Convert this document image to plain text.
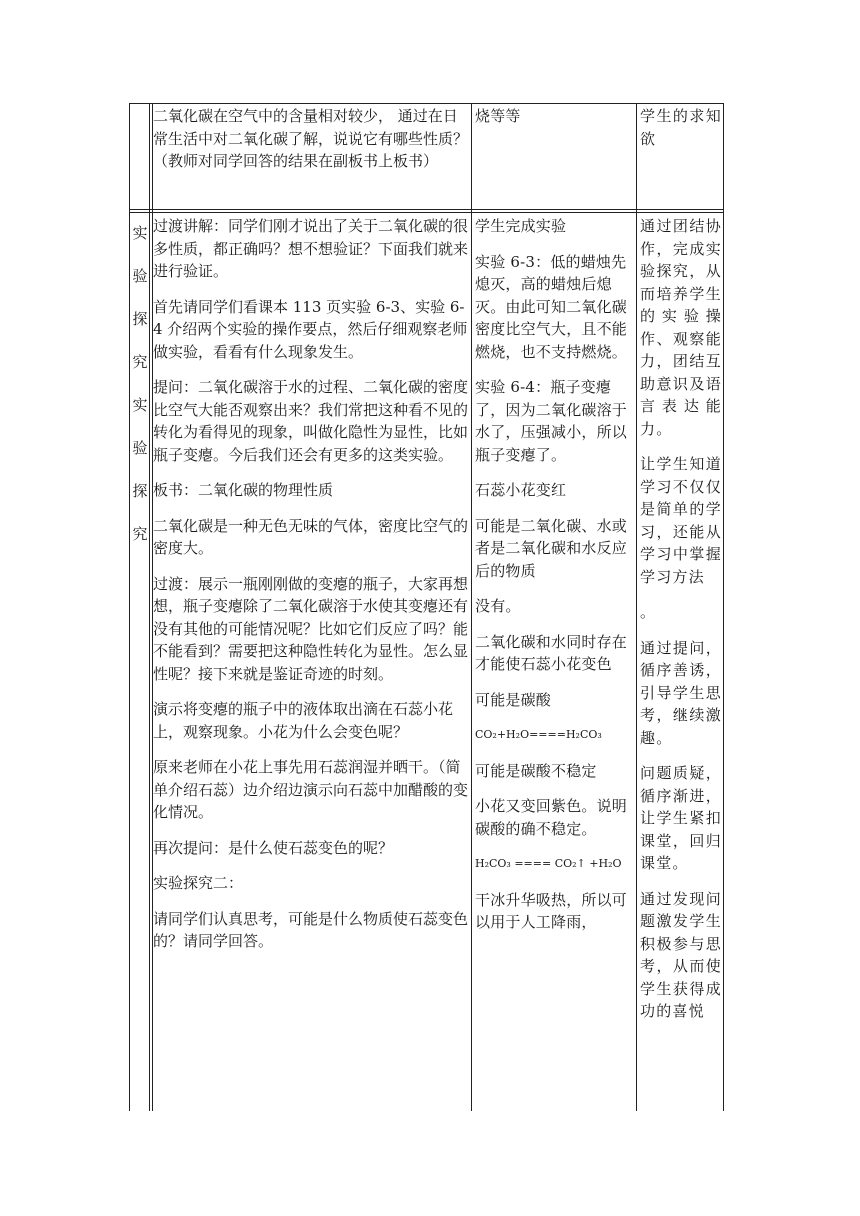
二氧化碳在空气中的含量相对较少， 通过在日常生活中对二氧化碳了解，说说它有哪些性质？（教师对同学回答的结果在副板书上板书）

烧等等	学生的求知欲

实
验
探
究
实
验
探
究

过渡讲解：同学们刚才说出了关于二氧化碳的很多性质，都正确吗？想不想验证？下面我们就来进行验证。

首先请同学们看课本 113 页实验 6-3、实验 6-4 介绍两个实验的操作要点，然后仔细观察老师做实验，看看有什么现象发生。

提问：二氧化碳溶于水的过程、二氧化碳的密度比空气大能否观察出来？我们常把这种看不见的转化为看得见的现象，叫做化隐性为显性，比如瓶子变瘪。今后我们还会有更多的这类实验。

板书：二氧化碳的物理性质

二氧化碳是一种无色无味的气体，密度比空气的密度大。

过渡：展示一瓶刚刚做的变瘪的瓶子，大家再想想，瓶子变瘪除了二氧化碳溶于水使其变瘪还有没有其他的可能情况呢？比如它们反应了吗？能不能看到？需要把这种隐性转化为显性。怎么显性呢？接下来就是鉴证奇迹的时刻。

演示将变瘪的瓶子中的液体取出滴在石蕊小花上，观察现象。小花为什么会变色呢？

原来老师在小花上事先用石蕊润湿并晒干。（简单介绍石蕊）边介绍边演示向石蕊中加醋酸的变化情况。

再次提问：是什么使石蕊变色的呢？

实验探究二：

请同学们认真思考，可能是什么物质使石蕊变色的？请同学回答。

学生完成实验

实验 6-3：低的蜡烛先熄灭，高的蜡烛后熄灭。由此可知二氧化碳密度比空气大，且不能燃烧，也不支持燃烧。

实验 6-4：瓶子变瘪了，因为二氧化碳溶于水了，压强减小，所以瓶子变瘪了。

石蕊小花变红

可能是二氧化碳、水或者是二氧化碳和水反应后的物质

没有。

二氧化碳和水同时存在才能使石蕊小花变色

可能是碳酸

CO₂+H₂O====H₂CO₃

可能是碳酸不稳定

小花又变回紫色。说明碳酸的确不稳定。

H₂CO₃ ==== CO₂↑ +H₂O

干冰升华吸热，所以可以用于人工降雨，

通过团结协作，完成实验探究，从而培养学生的实验操作、观察能力，团结互助意识及语言表达能力。

让学生知道学习不仅仅是简单的学习，还能从学习中掌握学习方法

。

通过提问，循序善诱，引导学生思考，继续激趣。

问题质疑，循序渐进，让学生紧扣课堂，回归课堂。

通过发现问题激发学生积极参与思考，从而使学生获得成功的喜悦
